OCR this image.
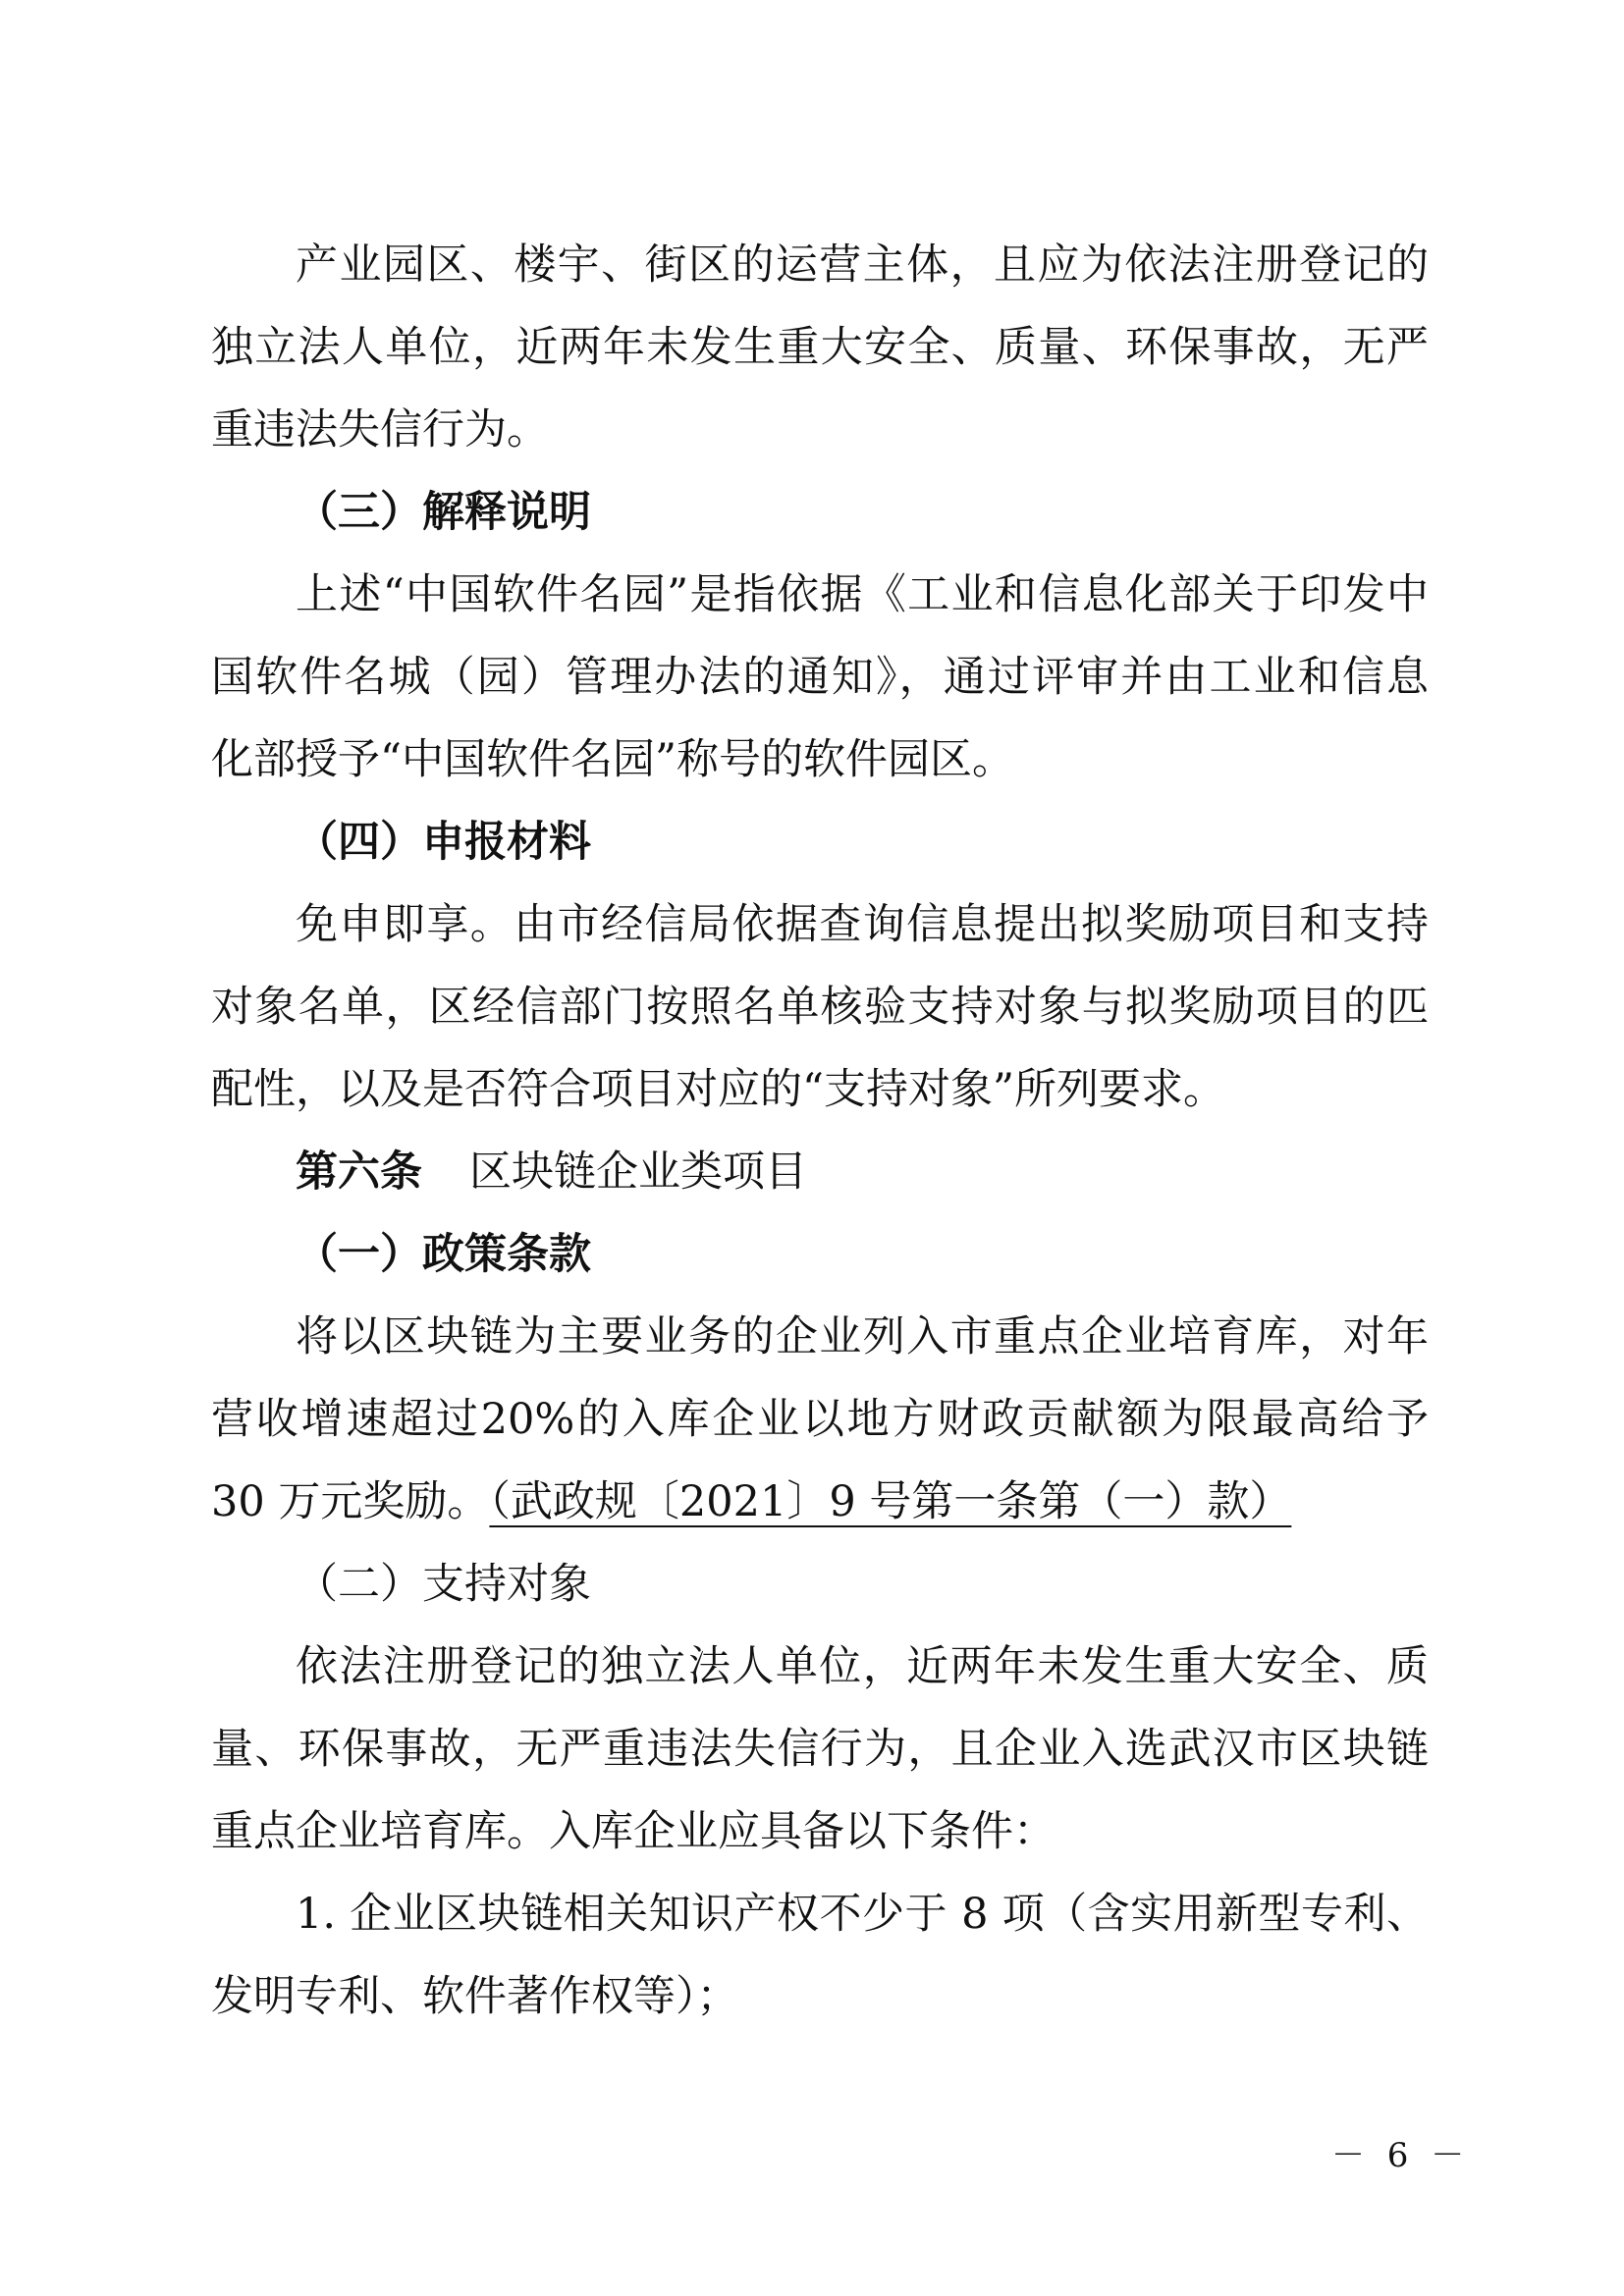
产业园区、楼宇、街区的运营主体，且应为依法注册登记的
独立法人单位，近两年未发生重大安全、质量、环保事故，无严
重违法失信行为。
（三）解释说明
上述“中国软件名园”是指依据《工业和信息化部关于印发中
国软件名城（园）管理办法的通知》，通过评审并由工业和信息
化部授予“中国软件名园”称号的软件园区。
（四）申报材料
免申即享。由市经信局依据查询信息提出拟奖励项目和支持
对象名单，区经信部门按照名单核验支持对象与拟奖励项目的匹
配性，以及是否符合项目对应的“支持对象”所列要求。
第六条 区块链企业类项目
（一）政策条款
将以区块链为主要业务的企业列入市重点企业培育库，对年
营收增速超过20%的入库企业以地方财政贡献额为限最高给予
30 万元奖励。（武政规〔2021〕9 号第一条第（一）款）
（二）支持对象
依法注册登记的独立法人单位，近两年未发生重大安全、质
量、环保事故，无严重违法失信行为，且企业入选武汉市区块链
重点企业培育库。入库企业应具备以下条件：
1. 企业区块链相关知识产权不少于 8 项（含实用新型专利、
发明专利、软件著作权等）；
－ 6 －
